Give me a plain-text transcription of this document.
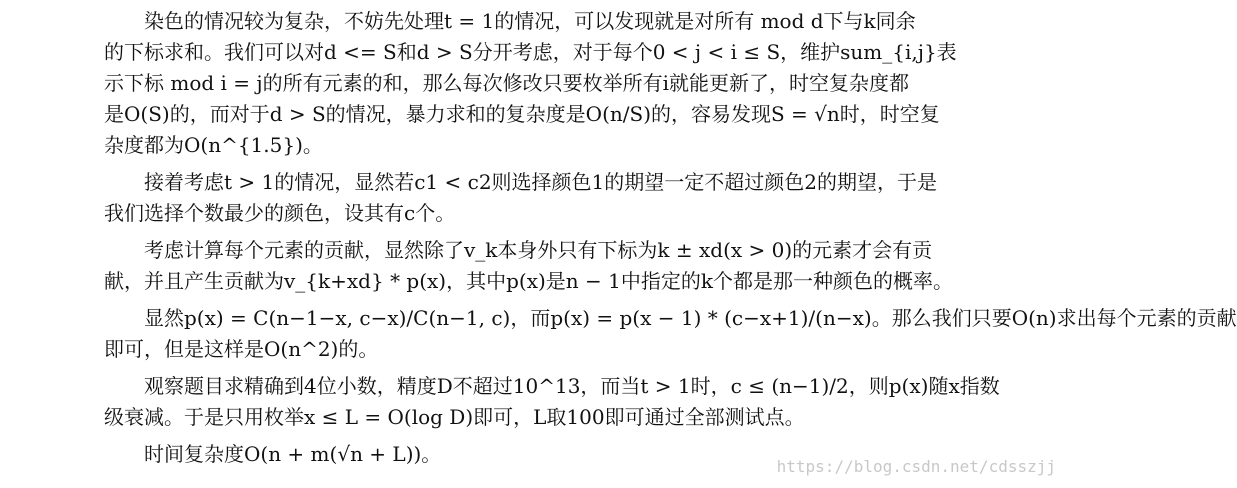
染色的情况较为复杂，不妨先处理t = 1的情况，可以发现就是对所有 mod d下与k同余
的下标求和。我们可以对d <= S和d > S分开考虑，对于每个0 < j < i ≤ S，维护sum_{i,j}表
示下标 mod i = j的所有元素的和，那么每次修改只要枚举所有i就能更新了，时空复杂度都
是O(S)的，而对于d > S的情况，暴力求和的复杂度是O(n/S)的，容易发现S = √n时，时空复
杂度都为O(n^{1.5})。
接着考虑t > 1的情况，显然若c1 < c2则选择颜色1的期望一定不超过颜色2的期望，于是
我们选择个数最少的颜色，设其有c个。
考虑计算每个元素的贡献，显然除了v_k本身外只有下标为k ± xd(x > 0)的元素才会有贡
献，并且产生贡献为v_{k+xd} * p(x)，其中p(x)是n − 1中指定的k个都是那一种颜色的概率。
显然p(x) = C(n−1−x, c−x)/C(n−1, c)，而p(x) = p(x − 1) * (c−x+1)/(n−x)。那么我们只要O(n)求出每个元素的贡献
即可，但是这样是O(n^2)的。
观察题目求精确到4位小数，精度D不超过10^13，而当t > 1时，c ≤ (n−1)/2，则p(x)随x指数
级衰减。于是只用枚举x ≤ L = O(log D)即可，L取100即可通过全部测试点。
时间复杂度O(n + m(√n + L))。
https://blog.csdn.net/cdsszjj
